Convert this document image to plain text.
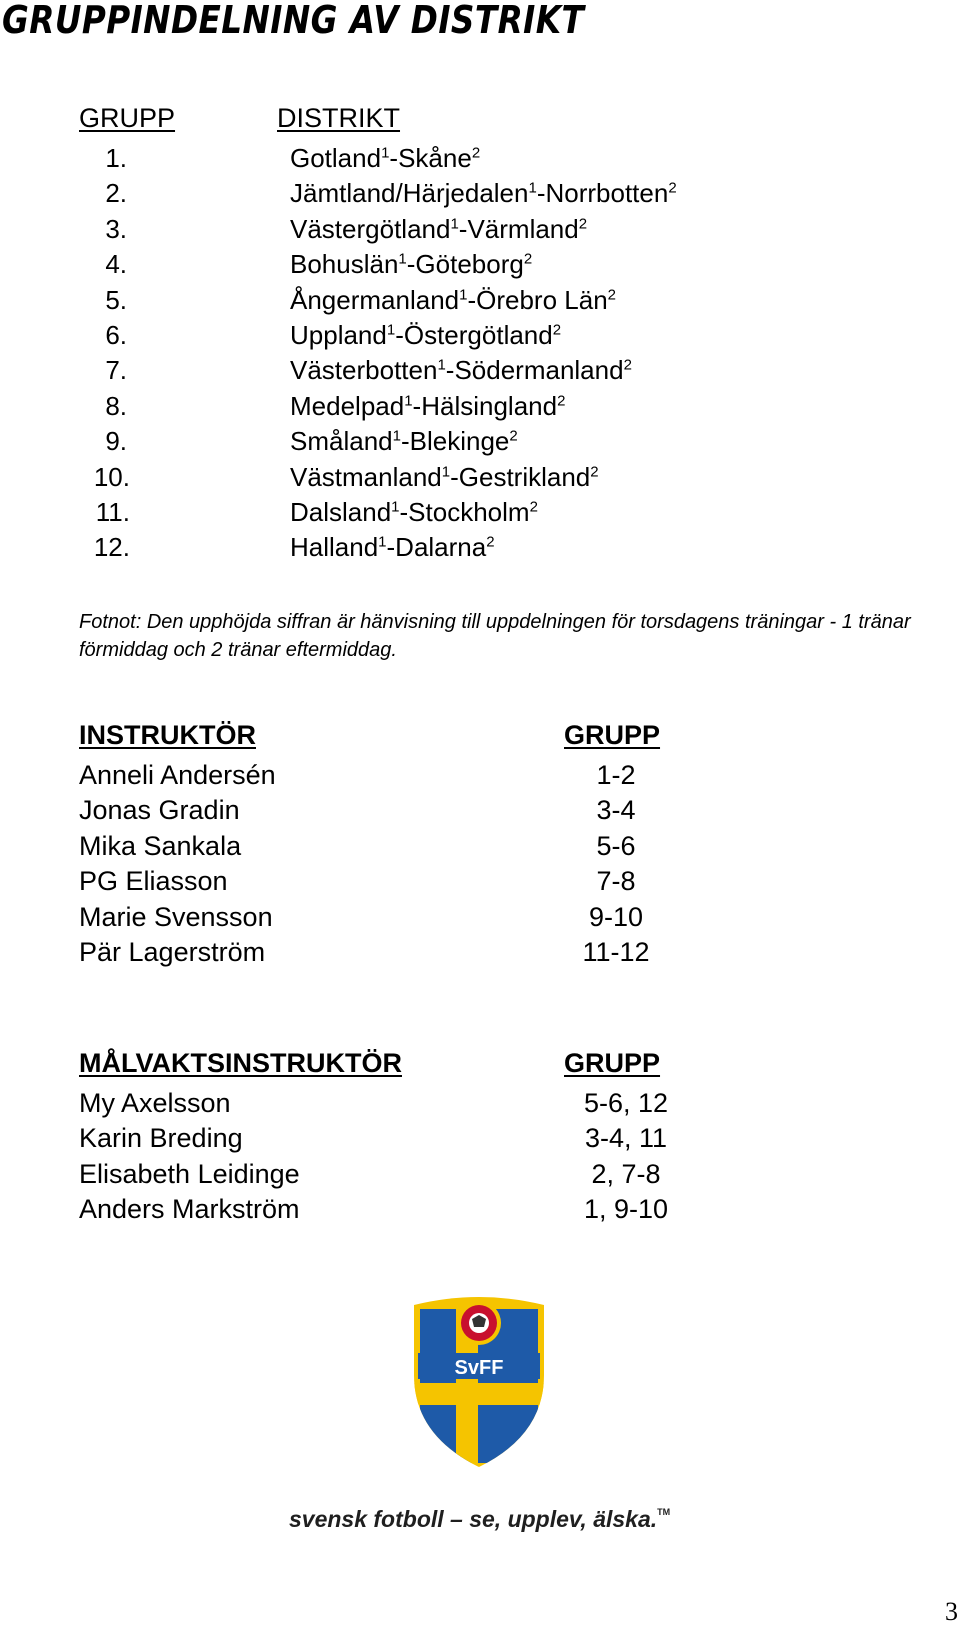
GRUPPINDELNING AV DISTRIKT
GRUPP	DISTRIKT
1.	Gotland$^1$-Skåne$^2$
2.	Jämtland/Härjedalen$^1$-Norrbotten$^2$
3.	Västergötland$^1$-Värmland$^2$
4.	Bohuslän$^1$-Göteborg$^2$
5.	Ångermanland$^1$-Örebro Län$^2$
6.	Uppland$^1$-Östergötland$^2$
7.	Västerbotten$^1$-Södermanland$^2$
8.	Medelpad$^1$-Hälsingland$^2$
9.	Småland$^1$-Blekinge$^2$
10.	Västmanland$^1$-Gestrikland$^2$
11.	Dalsland$^1$-Stockholm$^2$
12.	Halland$^1$-Dalarna$^2$
Fotnot: Den upphöjda siffran är hänvisning till uppdelningen för torsdagens träningar - 1 tränar förmiddag och 2 tränar eftermiddag.
INSTRUKTÖR	GRUPP
Anneli Andersén	1-2
Jonas Gradin	3-4
Mika Sankala	5-6
PG Eliasson	7-8
Marie Svensson	9-10
Pär Lagerström	11-12
MÅLVAKTSINSTRUKTÖR	GRUPP
My Axelsson	5-6, 12
Karin Breding	3-4, 11
Elisabeth Leidinge	2, 7-8
Anders Markström	1, 9-10
SvFF
svensk fotboll – se, upplev, älska.™
3
